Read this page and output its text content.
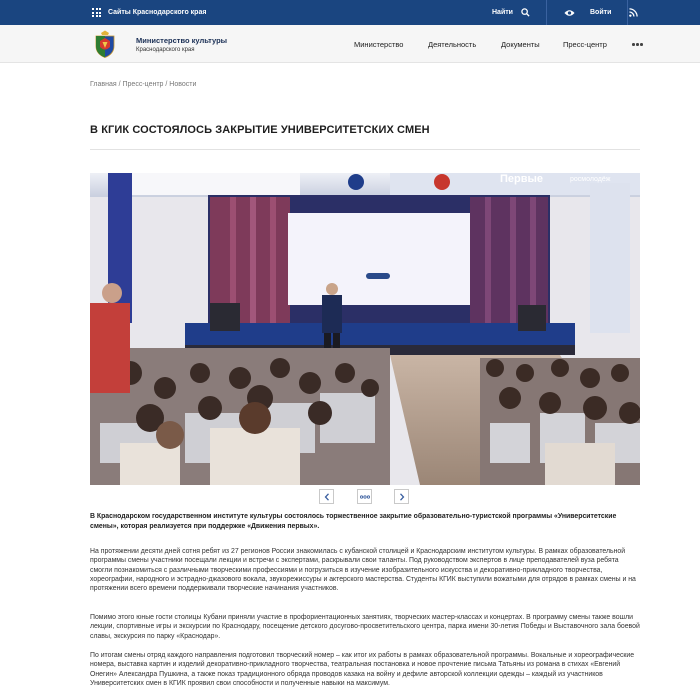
Сайты Краснодарского края	Найти	Войти
Министерство культуры
Краснодарского края
Министерство	Деятельность	Документы	Пресс-центр
Главная / Пресс-центр / Новости
В КГИК СОСТОЯЛОСЬ ЗАКРЫТИЕ УНИВЕРСИТЕТСКИХ СМЕН
Первые	росмолодёж

В Краснодарском государственном институте культуры состоялось торжественное закрытие образовательно-туристской программы «Университетские смены», которая реализуется при поддержке «Движения первых».

На протяжении десяти дней сотня ребят из 27 регионов России знакомилась с кубанской столицей и Краснодарским институтом культуры. В рамках образовательной программы смены участники посещали лекции и встречи с экспертами, раскрывали свои таланты. Под руководством экспертов в лице преподавателей вуза ребята смогли познакомиться с различными творческими профессиями и погрузиться в изучение изобразительного искусства и декоративно-прикладного творчества, хореографии, народного и эстрадно-джазового вокала, звукорежиссуры и актерского мастерства. Студенты КГИК выступили вожатыми для отрядов в рамках смены и на протяжении всего времени поддерживали творческие начинания участников.

Помимо этого юные гости столицы Кубани приняли участие в профориентационных занятиях, творческих мастер-классах и концертах. В программу смены также вошли лекции, спортивные игры и экскурсии по Краснодару, посещение детского досугово-просветительского центра, парка имени 30-летия Победы и Выставочного зала боевой славы, экскурсия по парку «Краснодар».

По итогам смены отряд каждого направления подготовил творческий номер – как итог их работы в рамках образовательной программы. Вокальные и хореографические номера, выставка картин и изделий декоративно-прикладного творчества, театральная постановка и новое прочтение письма Татьяны из романа в стихах «Евгений Онегин» Александра Пушкина, а также показ традиционного обряда проводов казака на войну и дефиле авторской коллекции одежды – каждый из участников Университетских смен в КГИК проявил свои способности и полученные навыки на максимум.
